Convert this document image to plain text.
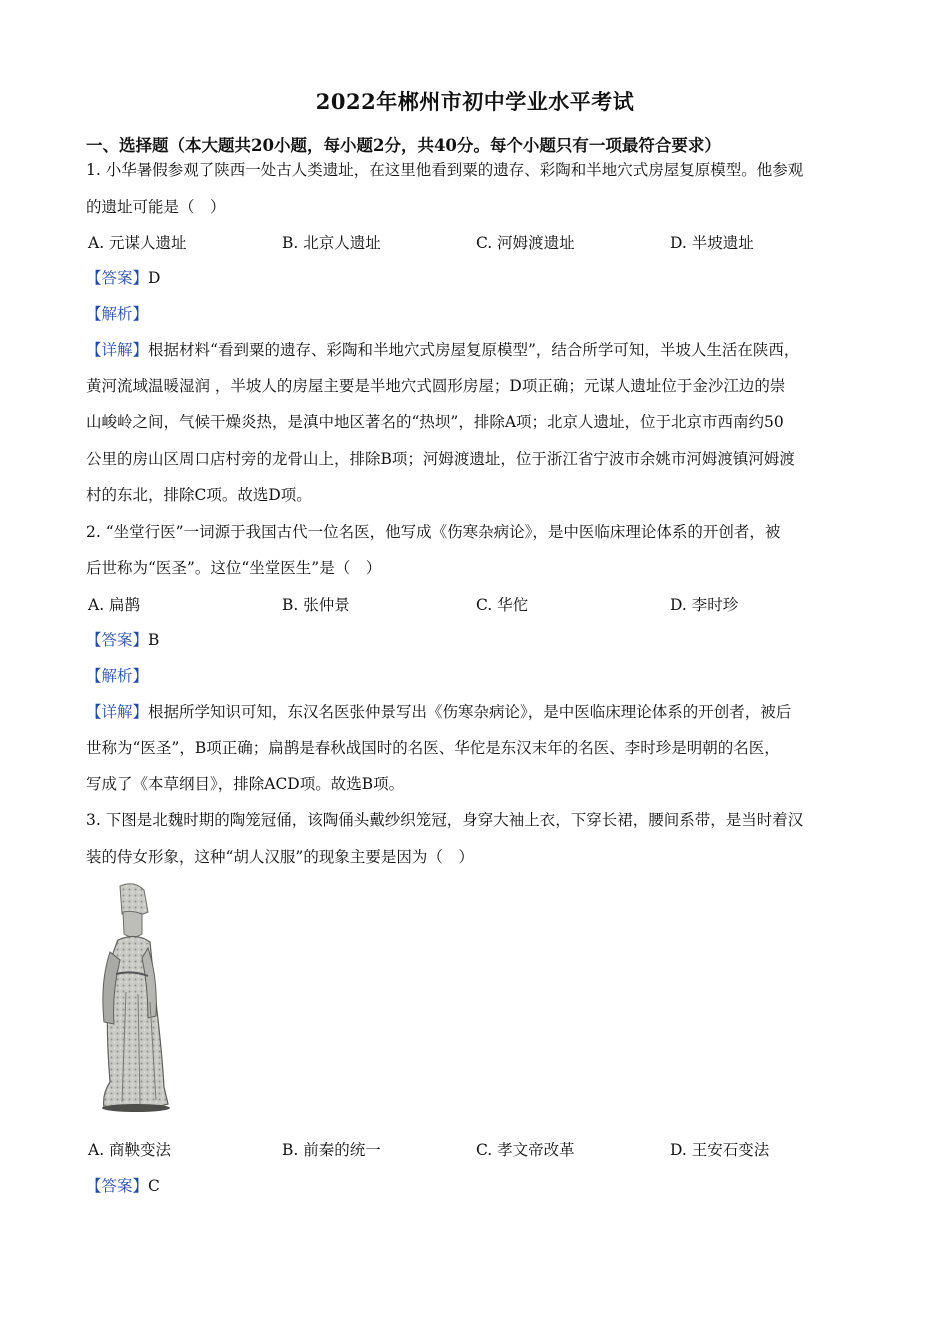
2022年郴州市初中学业水平考试
一、选择题（本大题共20小题，每小题2分，共40分。每个小题只有一项最符合要求）
1. 小华暑假参观了陕西一处古人类遗址，在这里他看到粟的遗存、彩陶和半地穴式房屋复原模型。他参观
的遗址可能是（　）
A. 元谋人遗址	B. 北京人遗址	C. 河姆渡遗址	D. 半坡遗址
【答案】D
【解析】
【详解】根据材料“看到粟的遗存、彩陶和半地穴式房屋复原模型”，结合所学可知，半坡人生活在陕西，
黄河流域温暖湿润 ，半坡人的房屋主要是半地穴式圆形房屋；D项正确；元谋人遗址位于金沙江边的崇
山峻岭之间，气候干燥炎热，是滇中地区著名的“热坝”，排除A项；北京人遗址，位于北京市西南约50
公里的房山区周口店村旁的龙骨山上，排除B项；河姆渡遗址，位于浙江省宁波市余姚市河姆渡镇河姆渡
村的东北，排除C项。故选D项。
2. “坐堂行医”一词源于我国古代一位名医，他写成《伤寒杂病论》，是中医临床理论体系的开创者，被
后世称为“医圣”。这位“坐堂医生”是（　）
A. 扁鹊	B. 张仲景	C. 华佗	D. 李时珍
【答案】B
【解析】
【详解】根据所学知识可知，东汉名医张仲景写出《伤寒杂病论》，是中医临床理论体系的开创者，被后
世称为“医圣”，B项正确；扁鹊是春秋战国时的名医、华佗是东汉末年的名医、李时珍是明朝的名医，
写成了《本草纲目》，排除ACD项。故选B项。
3. 下图是北魏时期的陶笼冠俑，该陶俑头戴纱织笼冠，身穿大袖上衣，下穿长裙，腰间系带，是当时着汉
装的侍女形象，这种“胡人汉服”的现象主要是因为（　）
A. 商鞅变法	B. 前秦的统一	C. 孝文帝改革	D. 王安石变法
【答案】C
